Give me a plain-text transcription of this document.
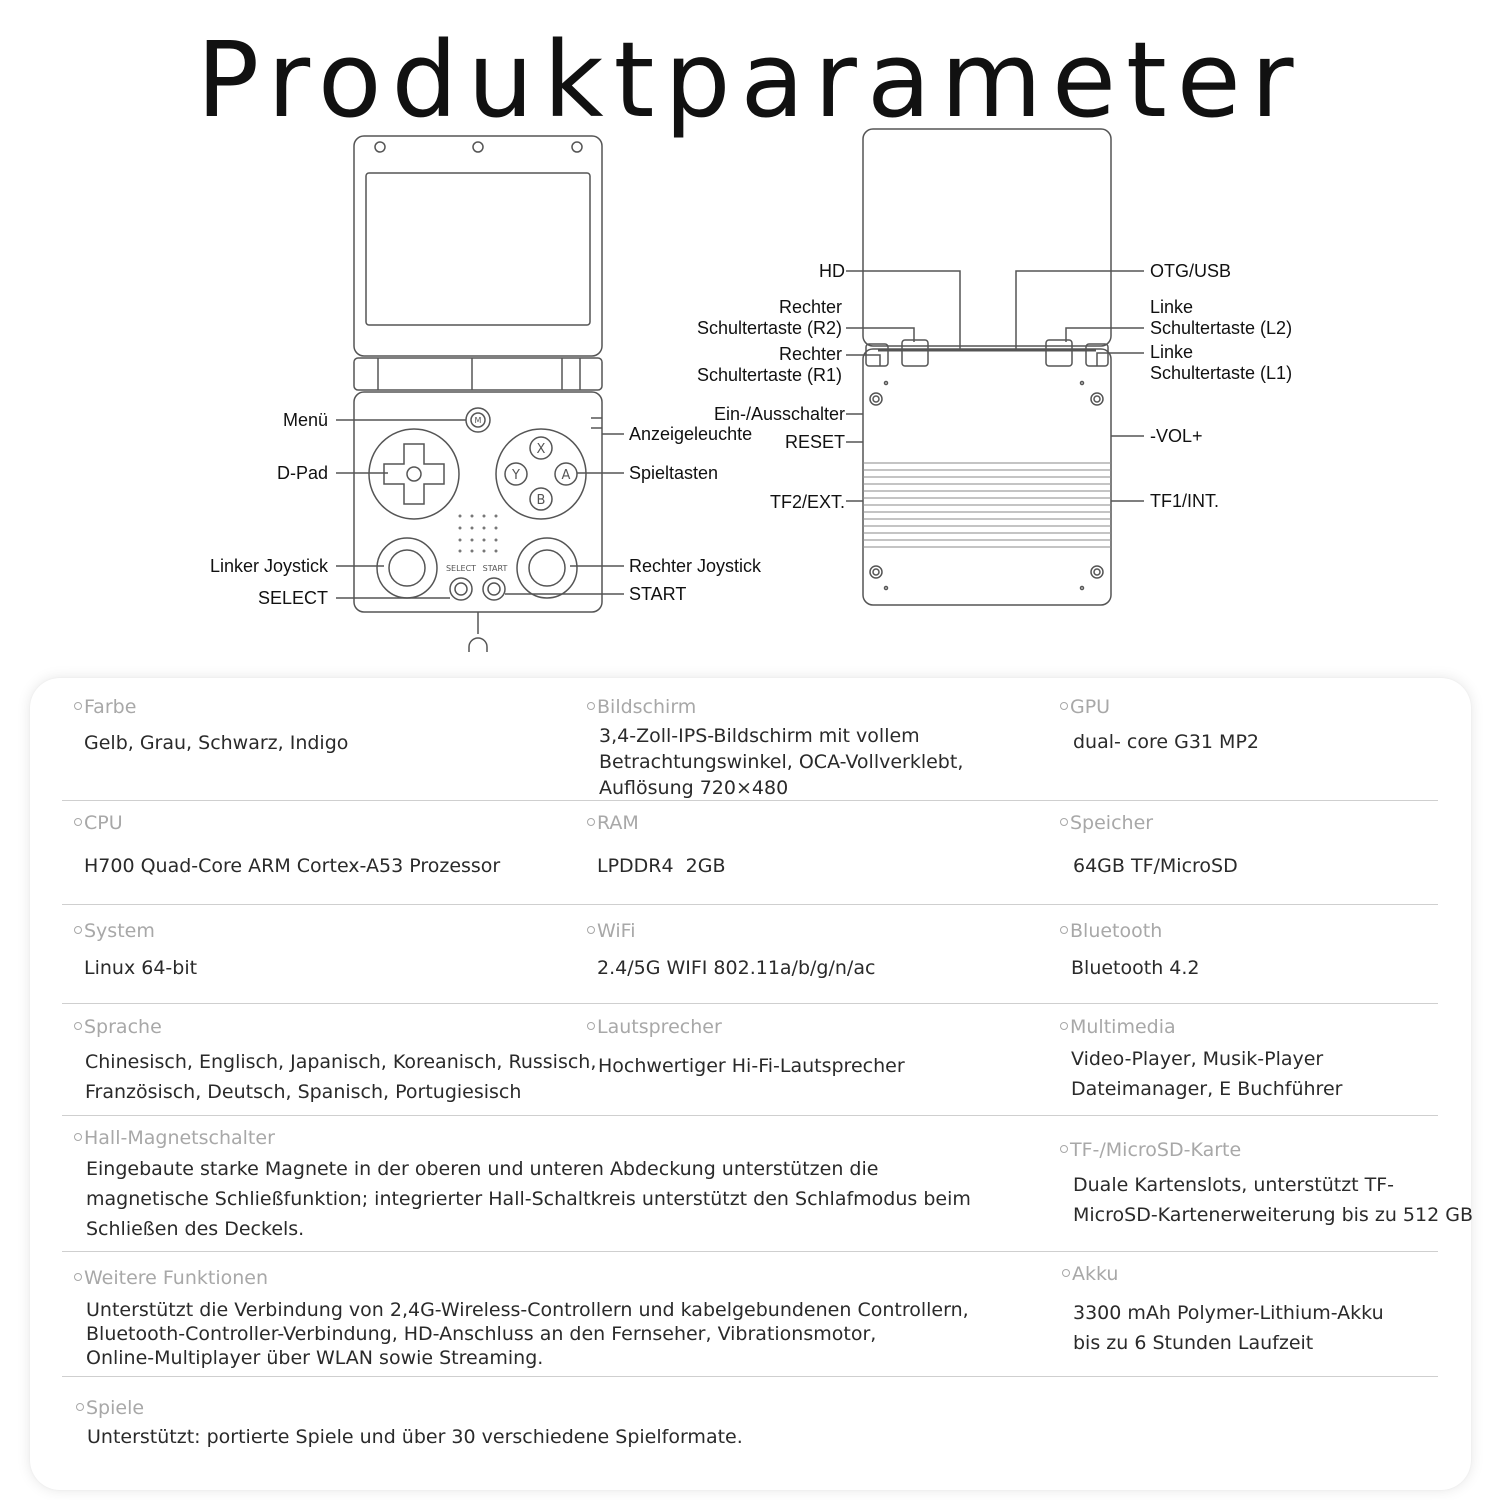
Produktparameter
M
X
Y	A
B
SELECT START
Menü
D-Pad
Linker Joystick
SELECT
Anzeigeleuchte
Spieltasten
Rechter Joystick
START
HD
Rechter
Schultertaste (R2)
Rechter
Schultertaste (R1)
Ein-/Ausschalter
RESET
TF2/EXT.
OTG/USB
Linke
Schultertaste (L2)
Linke
Schultertaste (L1)
-VOL+
TF1/INT.
Farbe
Gelb, Grau, Schwarz, Indigo
Bildschirm
3,4-Zoll-IPS-Bildschirm mit vollem
Betrachtungswinkel, OCA-Vollverklebt,
Auflösung 720×480
GPU
dual- core G31 MP2
CPU
H700 Quad-Core ARM Cortex-A53 Prozessor
RAM
LPDDR4  2GB
Speicher
64GB TF/MicroSD
System
Linux 64-bit
WiFi
2.4/5G WIFI 802.11a/b/g/n/ac
Bluetooth
Bluetooth 4.2
Sprache
Chinesisch, Englisch, Japanisch, Koreanisch, Russisch,
Französisch, Deutsch, Spanisch, Portugiesisch
Lautsprecher
Hochwertiger Hi-Fi-Lautsprecher
Multimedia
Video-Player, Musik-Player
Dateimanager, E Buchführer
Hall-Magnetschalter
Eingebaute starke Magnete in der oberen und unteren Abdeckung unterstützen die
magnetische Schließfunktion; integrierter Hall-Schaltkreis unterstützt den Schlafmodus beim
Schließen des Deckels.
TF-/MicroSD-Karte
Duale Kartenslots, unterstützt TF-
MicroSD-Kartenerweiterung bis zu 512 GB
Weitere Funktionen
Unterstützt die Verbindung von 2,4G-Wireless-Controllern und kabelgebundenen Controllern,
Bluetooth-Controller-Verbindung, HD-Anschluss an den Fernseher, Vibrationsmotor,
Online-Multiplayer über WLAN sowie Streaming.
Akku
3300 mAh Polymer-Lithium-Akku
bis zu 6 Stunden Laufzeit
Spiele
Unterstützt: portierte Spiele und über 30 verschiedene Spielformate.
